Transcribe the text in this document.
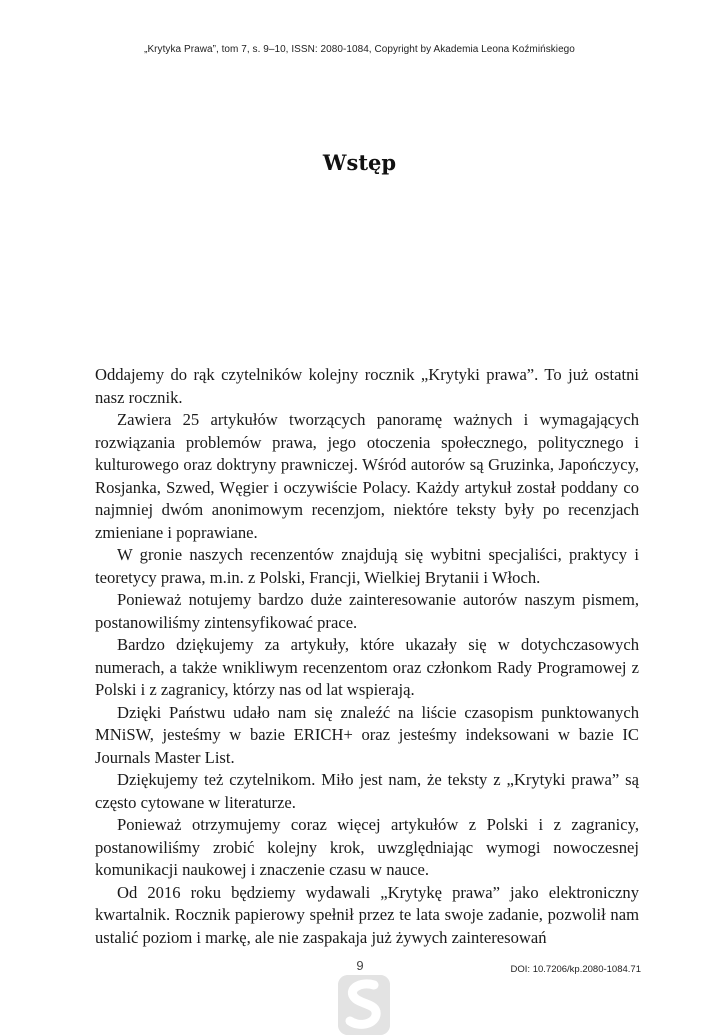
„Krytyka Prawa”, tom 7, s. 9–10, ISSN: 2080-1084, Copyright by Akademia Leona Koźmińskiego
Wstęp

Oddajemy do rąk czytelników kolejny rocznik „Krytyki prawa”. To już ostatni nasz rocznik.

Zawiera 25 artykułów tworzących panoramę ważnych i wymagających rozwiązania problemów prawa, jego otoczenia społecznego, politycznego i kulturowego oraz doktryny prawniczej. Wśród autorów są Gruzinka, Japończycy, Rosjanka, Szwed, Węgier i oczywiście Polacy. Każdy artykuł został poddany co najmniej dwóm anonimowym recenzjom, niektóre teksty były po recenzjach zmieniane i poprawiane.

W gronie naszych recenzentów znajdują się wybitni specjaliści, praktycy i teoretycy prawa, m.in. z Polski, Francji, Wielkiej Brytanii i Włoch.

Ponieważ notujemy bardzo duże zainteresowanie autorów naszym pismem, postanowiliśmy zintensyfikować prace.

Bardzo dziękujemy za artykuły, które ukazały się w dotychczasowych numerach, a także wnikliwym recenzentom oraz członkom Rady Programowej z Polski i z zagranicy, którzy nas od lat wspierają.

Dzięki Państwu udało nam się znaleźć na liście czasopism punktowanych MNiSW, jesteśmy w bazie ERICH+ oraz jesteśmy indeksowani w bazie IC Journals Master List.

Dziękujemy też czytelnikom. Miło jest nam, że teksty z „Krytyki prawa” są często cytowane w literaturze.

Ponieważ otrzymujemy coraz więcej artykułów z Polski i z zagranicy, postanowiliśmy zrobić kolejny krok, uwzględniając wymogi nowoczesnej komunikacji naukowej i znaczenie czasu w nauce.

Od 2016 roku będziemy wydawali „Krytykę prawa” jako elektroniczny kwartalnik. Rocznik papierowy spełnił przez te lata swoje zadanie, pozwolił nam ustalić poziom i markę, ale nie zaspakaja już żywych zainteresowań

9	DOI: 10.7206/kp.2080-1084.71
